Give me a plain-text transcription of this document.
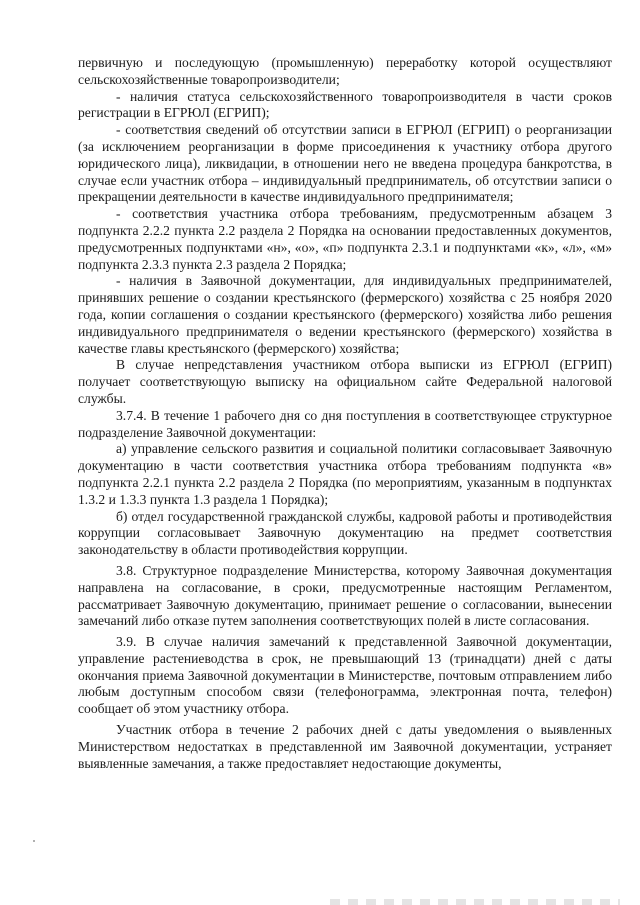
первичную и последующую (промышленную) переработку которой осуществляют сельскохозяйственные товаропроизводители;

- наличия статуса сельскохозяйственного товаропроизводителя в части сроков регистрации в ЕГРЮЛ (ЕГРИП);

- соответствия сведений об отсутствии записи в ЕГРЮЛ (ЕГРИП) о реорганизации (за исключением реорганизации в форме присоединения к участнику отбора другого юридического лица), ликвидации, в отношении него не введена процедура банкротства, в случае если участник отбора – индивидуальный предприниматель, об отсутствии записи о прекращении деятельности в качестве индивидуального предпринимателя;

- соответствия участника отбора требованиям, предусмотренным абзацем 3 подпункта 2.2.2 пункта 2.2 раздела 2 Порядка на основании предоставленных документов, предусмотренных подпунктами «н», «о», «п» подпункта 2.3.1 и подпунктами «к», «л», «м» подпункта 2.3.3 пункта 2.3 раздела 2 Порядка;

- наличия в Заявочной документации, для индивидуальных предпринимателей, принявших решение о создании крестьянского (фермерского) хозяйства с 25 ноября 2020 года, копии соглашения о создании крестьянского (фермерского) хозяйства либо решения индивидуального предпринимателя о ведении крестьянского (фермерского) хозяйства в качестве главы крестьянского (фермерского) хозяйства;

В случае непредставления участником отбора выписки из ЕГРЮЛ (ЕГРИП) получает соответствующую выписку на официальном сайте Федеральной налоговой службы.

3.7.4. В течение 1 рабочего дня со дня поступления в соответствующее структурное подразделение Заявочной документации:

а) управление сельского развития и социальной политики согласовывает Заявочную документацию в части соответствия участника отбора требованиям подпункта «в» подпункта 2.2.1 пункта 2.2 раздела 2 Порядка (по мероприятиям, указанным в подпунктах 1.3.2 и 1.3.3 пункта 1.3 раздела 1 Порядка);

б) отдел государственной гражданской службы, кадровой работы и противодействия коррупции согласовывает Заявочную документацию на предмет соответствия законодательству в области противодействия коррупции.

3.8. Структурное подразделение Министерства, которому Заявочная документация направлена на согласование, в сроки, предусмотренные настоящим Регламентом, рассматривает Заявочную документацию, принимает решение о согласовании, вынесении замечаний либо отказе путем заполнения соответствующих полей в листе согласования.

3.9. В случае наличия замечаний к представленной Заявочной документации, управление растениеводства в срок, не превышающий 13 (тринадцати) дней с даты окончания приема Заявочной документации в Министерстве, почтовым отправлением либо любым доступным способом связи (телефонограмма, электронная почта, телефон) сообщает об этом участнику отбора.

Участник отбора в течение 2 рабочих дней с даты уведомления о выявленных Министерством недостатках в представленной им Заявочной документации, устраняет выявленные замечания, а также предоставляет недостающие документы,
